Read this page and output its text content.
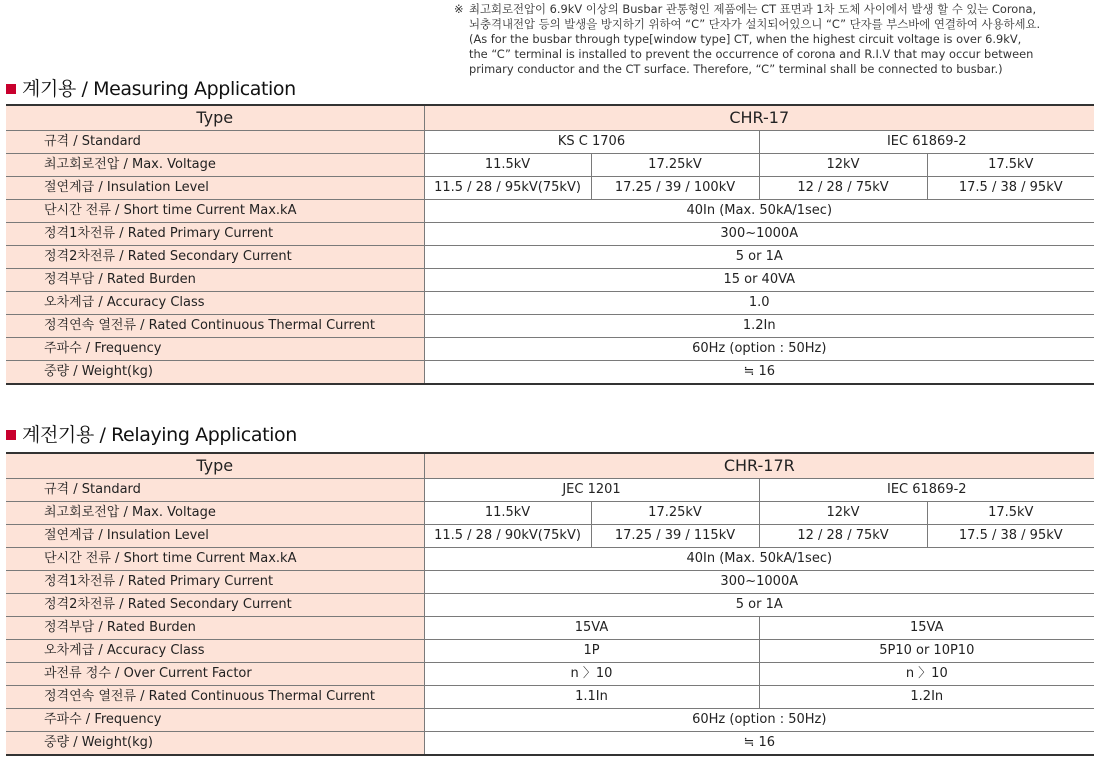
※ 최고회로전압이 6.9kV 이상의 Busbar 관통형인 제품에는 CT 표면과 1차 도체 사이에서 발생 할 수 있는 Corona,
뇌충격내전압 등의 발생을 방지하기 위하여 “C” 단자가 설치되어있으니 “C” 단자를 부스바에 연결하여 사용하세요.
(As for the busbar through type[window type] CT, when the highest circuit voltage is over 6.9kV,
the “C” terminal is installed to prevent the occurrence of corona and R.I.V that may occur between
primary conductor and the CT surface. Therefore, “C” terminal shall be connected to busbar.)
계기용 / Measuring Application
Type	CHR-17			
규격 / Standard	KS C 1706		IEC 61869-2	
최고회로전압 / Max. Voltage	11.5kV	17.25kV	12kV	17.5kV
절연계급 / Insulation Level	11.5 / 28 / 95kV(75kV)	17.25 / 39 / 100kV	12 / 28 / 75kV	17.5 / 38 / 95kV
단시간 전류 / Short time Current Max.kA	40In (Max. 50kA/1sec)			
정격1차전류 / Rated Primary Current	300~1000A			
정격2차전류 / Rated Secondary Current	5 or 1A			
정격부담 / Rated Burden	15 or 40VA			
오차계급 / Accuracy Class	1.0			
정격연속 열전류 / Rated Continuous Thermal Current	1.2In			
주파수 / Frequency	60Hz (option : 50Hz)			
중량 / Weight(kg)	≒ 16			
계전기용 / Relaying Application
Type	CHR-17R			
규격 / Standard	JEC 1201		IEC 61869-2	
최고회로전압 / Max. Voltage	11.5kV	17.25kV	12kV	17.5kV
절연계급 / Insulation Level	11.5 / 28 / 90kV(75kV)	17.25 / 39 / 115kV	12 / 28 / 75kV	17.5 / 38 / 95kV
단시간 전류 / Short time Current Max.kA	40In (Max. 50kA/1sec)			
정격1차전류 / Rated Primary Current	300~1000A			
정격2차전류 / Rated Secondary Current	5 or 1A			
정격부담 / Rated Burden	15VA		15VA	
오차계급 / Accuracy Class	1P		5P10 or 10P10	
과전류 정수 / Over Current Factor	n 〉10		n 〉10	
정격연속 열전류 / Rated Continuous Thermal Current	1.1In		1.2In	
주파수 / Frequency	60Hz (option : 50Hz)			
중량 / Weight(kg)	≒ 16			
